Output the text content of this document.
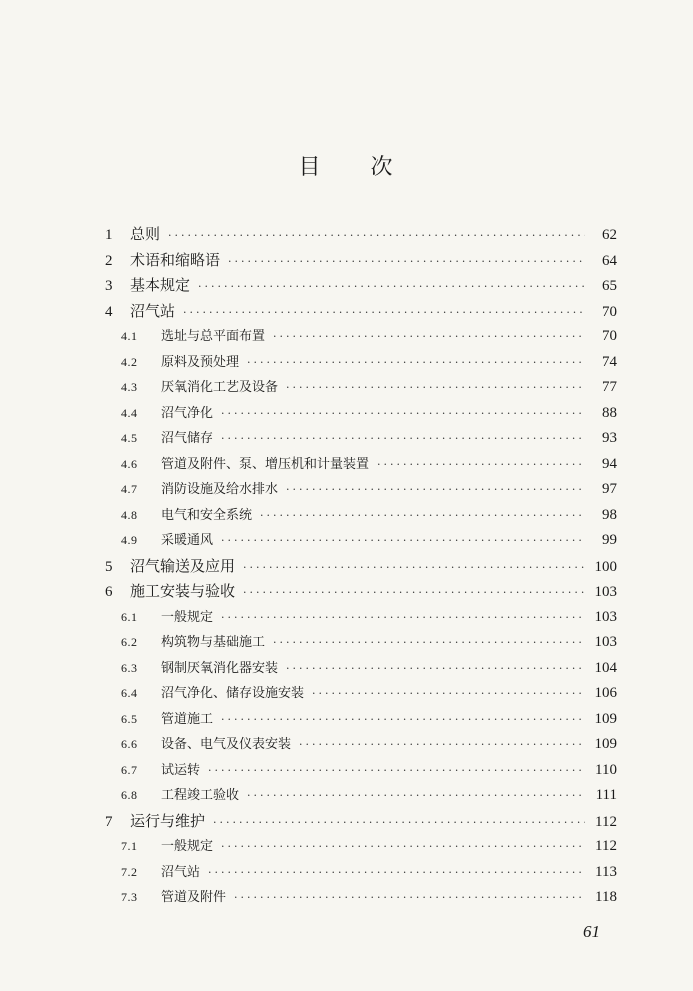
目 次
1	总则 ·····	62
2	术语和缩略语 ·····	64
3	基本规定 ·····	65
4	沼气站 ·····	70
4.1	选址与总平面布置 ·····	70
4.2	原料及预处理 ·····	74
4.3	厌氧消化工艺及设备 ·····	77
4.4	沼气净化 ·····	88
4.5	沼气储存 ·····	93
4.6	管道及附件、泵、增压机和计量装置 ·····	94
4.7	消防设施及给水排水 ·····	97
4.8	电气和安全系统 ·····	98
4.9	采暖通风 ·····	99
5	沼气输送及应用 ·····	100
6	施工安装与验收 ·····	103
6.1	一般规定 ·····	103
6.2	构筑物与基础施工 ·····	103
6.3	钢制厌氧消化器安装 ·····	104
6.4	沼气净化、储存设施安装 ·····	106
6.5	管道施工 ·····	109
6.6	设备、电气及仪表安装 ·····	109
6.7	试运转 ·····	110
6.8	工程竣工验收 ·····	111
7	运行与维护 ·····	112
7.1	一般规定 ·····	112
7.2	沼气站 ·····	113
7.3	管道及附件 ·····	118
61
